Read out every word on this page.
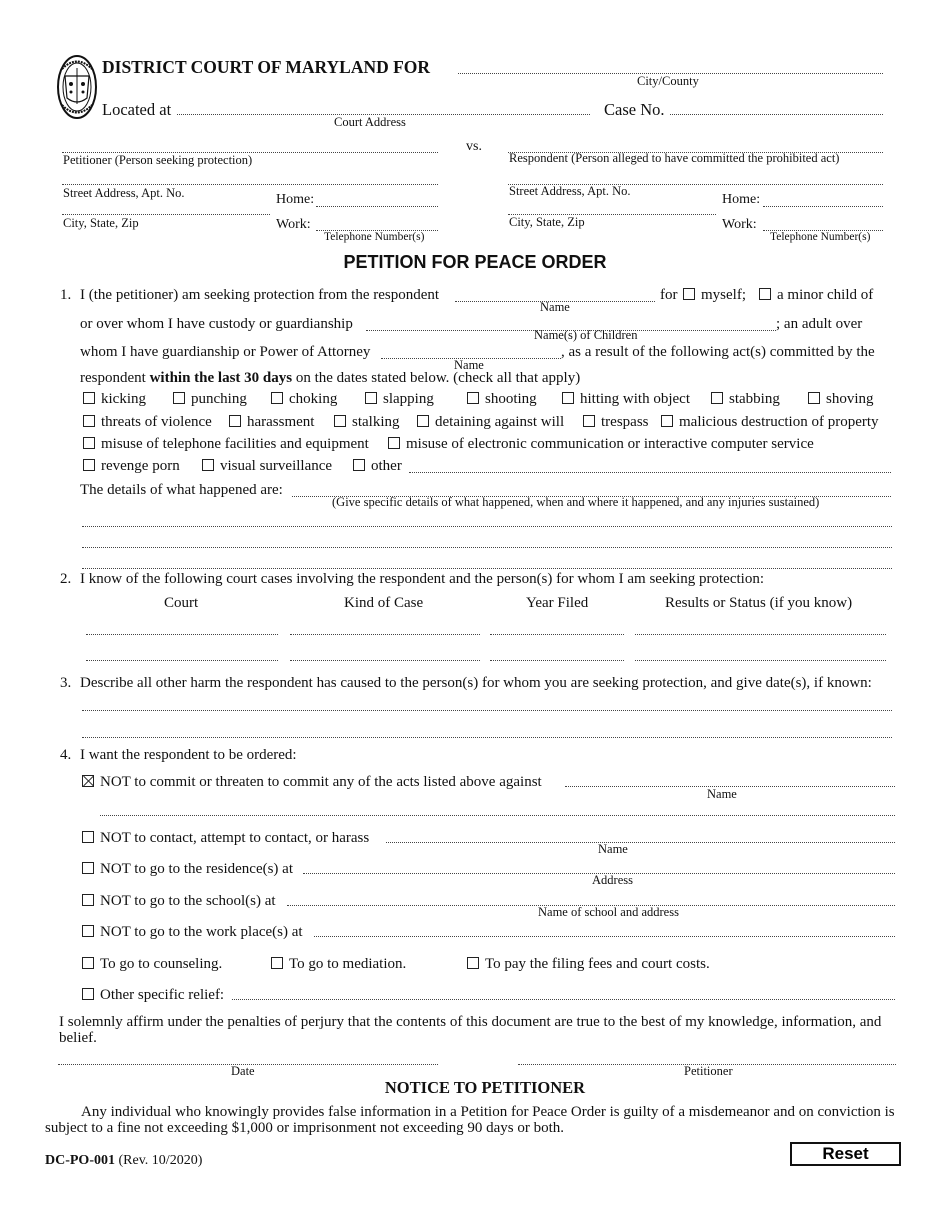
DISTRICT COURT OF MARYLAND FOR
City/County
Located at
Court Address
Case No.
Petitioner (Person seeking protection)
vs.
Street Address, Apt. No.	Home:
City, State, Zip	Work:
Telephone Number(s)
Respondent (Person alleged to have committed the prohibited act)
Street Address, Apt. No.
Home:
City, State, Zip	Work:
Telephone Number(s)
PETITION FOR PEACE ORDER
1. I (the petitioner) am seeking protection from the respondent
Name
for	myself;	a minor child of
or over whom I have custody or guardianship
Name(s) of Children
; an adult over
whom I have guardianship or Power of Attorney
Name
, as a result of the following act(s) committed by the
respondent within the last 30 days on the dates stated below. (check all that apply)
kicking	punching	choking	slapping	shooting	hitting with object	stabbing	shoving
threats of violence	harassment	stalking	detaining against will	trespass	malicious destruction of property
misuse of telephone facilities and equipment	misuse of electronic communication or interactive computer service
revenge porn	visual surveillance	other
The details of what happened are:
(Give specific details of what happened, when and where it happened, and any injuries sustained)
2. I know of the following court cases involving the respondent and the person(s) for whom I am seeking protection:
Court	Kind of Case	Year Filed	Results or Status (if you know)
3. Describe all other harm the respondent has caused to the person(s) for whom you are seeking protection, and give date(s), if known:
4. I want the respondent to be ordered:
NOT to commit or threaten to commit any of the acts listed above against
Name
NOT to contact, attempt to contact, or harass
Name
NOT to go to the residence(s) at
Address
NOT to go to the school(s) at
Name of school and address
NOT to go to the work place(s) at
To go to counseling.	To go to mediation.	To pay the filing fees and court costs.
Other specific relief:
I solemnly affirm under the penalties of perjury that the contents of this document are true to the best of my knowledge, information, and belief.
Date	Petitioner
NOTICE TO PETITIONER
Any individual who knowingly provides false information in a Petition for Peace Order is guilty of a misdemeanor and on conviction is subject to a fine not exceeding $1,000 or imprisonment not exceeding 90 days or both.
DC-PO-001 (Rev. 10/2020)	Reset
